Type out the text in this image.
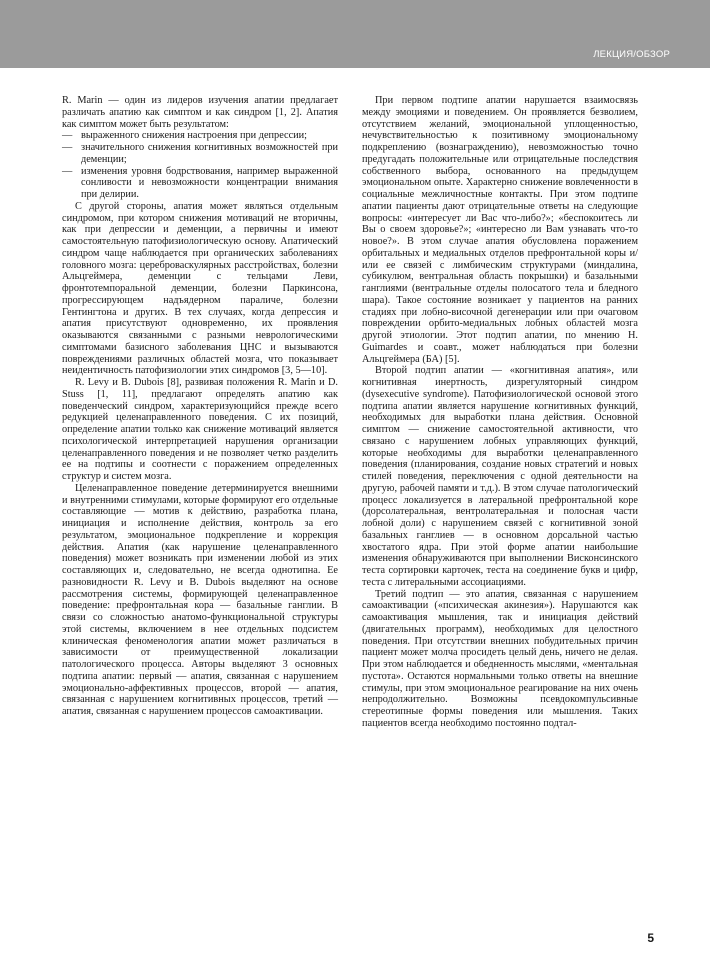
ЛЕКЦИЯ/ОБЗОР

R. Marin — один из лидеров изучения апатии предлагает различать апатию как симптом и как синдром [1, 2]. Апатия как симптом может быть результатом:

— выраженного снижения настроения при депрессии;
— значительного снижения когнитивных возможностей при деменции;
— изменения уровня бодрствования, например выраженной сонливости и невозможности концентрации внимания при делирии.

С другой стороны, апатия может являться отдельным синдромом, при котором снижения мотиваций не вторичны, как при депрессии и деменции, а первичны и имеют самостоятельную патофизиологическую основу. Апатический синдром чаще наблюдается при органических заболеваниях головного мозга: цереброваскулярных расстройствах, болезни Альцгеймера, деменции с тельцами Леви, фронтотемпоральной деменции, болезни Паркинсона, прогрессирующем надъядерном параличе, болезни Гентингтона и других. В тех случаях, когда депрессия и апатия присутствуют одновременно, их проявления оказываются связанными с разными неврологическими симптомами базисного заболевания ЦНС и вызываются повреждениями различных областей мозга, что показывает неидентичность патофизиологии этих синдромов [3, 5—10].

R. Levy и B. Dubois [8], развивая положения R. Marin и D. Stuss [1, 11], предлагают определять апатию как поведенческий синдром, характеризующийся прежде всего редукцией целенаправленного поведения. С их позиций, определение апатии только как снижение мотиваций является психологической интерпретацией нарушения организации целенаправленного поведения и не позволяет четко разделить ее на подтипы и соотнести с поражением определенных структур и систем мозга.

Целенаправленное поведение детерминируется внешними и внутренними стимулами, которые формируют его отдельные составляющие — мотив к действию, разработка плана, инициация и исполнение действия, контроль за его результатом, эмоциональное подкрепление и коррекция действия. Апатия (как нарушение целенаправленного поведения) может возникать при изменении любой из этих составляющих и, следовательно, не всегда однотипна. Ее разновидности R. Levy и B. Dubois выделяют на основе рассмотрения системы, формирующей целенаправленное поведение: префронтальная кора — базальные ганглии. В связи со сложностью анатомо-функциональной структуры этой системы, включением в нее отдельных подсистем клиническая феноменология апатии может различаться в зависимости от преимущественной локализации патологического процесса. Авторы выделяют 3 основных подтипа апатии: первый — апатия, связанная с нарушением эмоционально-аффективных процессов, второй — апатия, связанная с нарушением когнитивных процессов, третий — апатия, связанная с нарушением процессов самоактивации.

При первом подтипе апатии нарушается взаимосвязь между эмоциями и поведением. Он проявляется безволием, отсутствием желаний, эмоциональной уплощенностью, нечувствительностью к позитивному эмоциональному подкреплению (вознаграждению), невозможностью точно предугадать положительные или отрицательные последствия собственного выбора, основанного на предыдущем эмоциональном опыте. Характерно снижение вовлеченности в социальные межличностные контакты. При этом подтипе апатии пациенты дают отрицательные ответы на следующие вопросы: «интересует ли Вас что-либо?»; «беспокоитесь ли Вы о своем здоровье?»; «интересно ли Вам узнавать что-то новое?». В этом случае апатия обусловлена поражением орбитальных и медиальных отделов префронтальной коры и/или ее связей с лимбическим структурами (миндалина, субикулюм, вентральная область покрышки) и базальными ганглиями (вентральные отделы полосатого тела и бледного шара). Такое состояние возникает у пациентов на ранних стадиях при лобно-височной дегенерации или при очаговом повреждении орбито-медиальных лобных областей мозга другой этиологии. Этот подтип апатии, по мнению H. Guimardes и соавт., может наблюдаться при болезни Альцгеймера (БА) [5].

Второй подтип апатии — «когнитивная апатия», или когнитивная инертность, дизрегуляторный синдром (dysexecutive syndrome). Патофизиологической основой этого подтипа апатии является нарушение когнитивных функций, необходимых для выработки плана действия. Основной симптом — снижение самостоятельной активности, что связано с нарушением лобных управляющих функций, которые необходимы для выработки целенаправленного поведения (планирования, создание новых стратегий и новых стилей поведения, переключения с одной деятельности на другую, рабочей памяти и т.д.). В этом случае патологический процесс локализуется в латеральной префронтальной коре (дорсолатеральная, вентролатеральная и полосная части лобной доли) с нарушением связей с когнитивной зоной базальных ганглиев — в основном дорсальной частью хвостатого ядра. При этой форме апатии наибольшие изменения обнаруживаются при выполнении Висконсинского теста сортировки карточек, теста на соединение букв и цифр, теста с литеральными ассоциациями.

Третий подтип — это апатия, связанная с нарушением самоактивации («психическая акинезия»). Нарушаются как самоактивация мышления, так и инициация действий (двигательных программ), необходимых для целостного поведения. При отсутствии внешних побудительных причин пациент может молча просидеть целый день, ничего не делая. При этом наблюдается и обедненность мыслями, «ментальная пустота». Остаются нормальными только ответы на внешние стимулы, при этом эмоциональное реагирование на них очень непродолжительно. Возможны псевдокомпульсивные стереотипные формы поведения или мышления. Таких пациентов всегда необходимо постоянно подтал-

5
